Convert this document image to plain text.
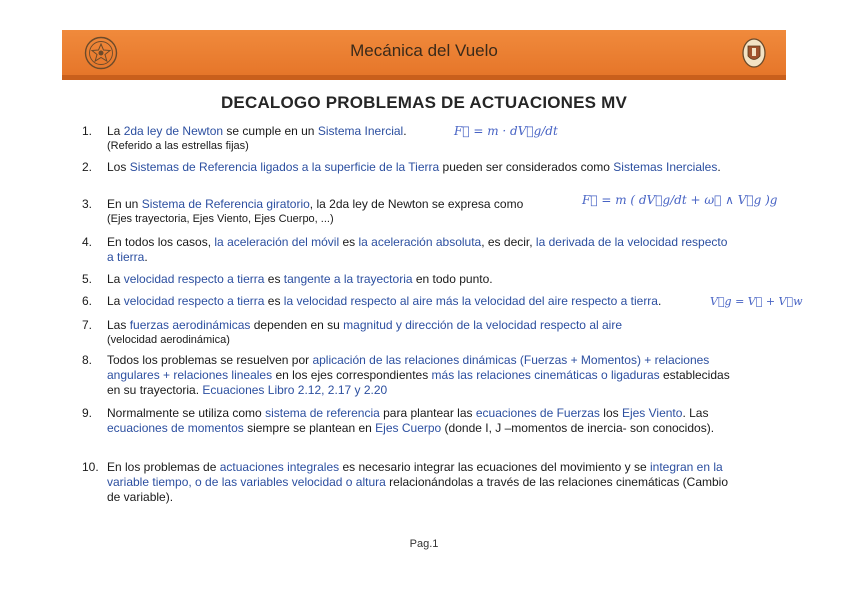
Mecánica del Vuelo
DECALOGO PROBLEMAS DE ACTUACIONES MV
1.	La 2da ley de Newton se cumple en un Sistema Inercial.
(Referido a las estrellas fijas)
F⃗ = m · dV⃗g/dt
2.	Los Sistemas de Referencia ligados a la superficie de la Tierra pueden ser considerados como Sistemas Inerciales.
3.	En un Sistema de Referencia giratorio, la 2da ley de Newton se expresa como
(Ejes trayectoria, Ejes Viento, Ejes Cuerpo, ...)
F⃗ = m ( dV⃗g/dt + ω⃗ ∧ V⃗g )g
4.	En todos los casos, la aceleración del móvil es la aceleración absoluta, es decir, la derivada de la velocidad respecto a tierra.
5.	La velocidad respecto a tierra es tangente a la trayectoria en todo punto.
6.	La velocidad respecto a tierra es la velocidad respecto al aire más la velocidad del aire respecto a tierra.	V⃗g = V⃗ + V⃗w
7.	Las fuerzas aerodinámicas dependen en su magnitud y dirección de la velocidad respecto al aire
(velocidad aerodinámica)
8.	Todos los problemas se resuelven por aplicación de las relaciones dinámicas (Fuerzas + Momentos) + relaciones angulares + relaciones lineales en los ejes correspondientes más las relaciones cinemáticas o ligaduras establecidas en su trayectoria. Ecuaciones Libro 2.12, 2.17 y 2.20
9.	Normalmente se utiliza como sistema de referencia para plantear las ecuaciones de Fuerzas los Ejes Viento. Las ecuaciones de momentos siempre se plantean en Ejes Cuerpo (donde I, J –momentos de inercia- son conocidos).
10. En los problemas de actuaciones integrales es necesario integrar las ecuaciones del movimiento y se integran en la variable tiempo, o de las variables velocidad o altura relacionándolas a través de las relaciones cinemáticas (Cambio de variable).
Pag.1
